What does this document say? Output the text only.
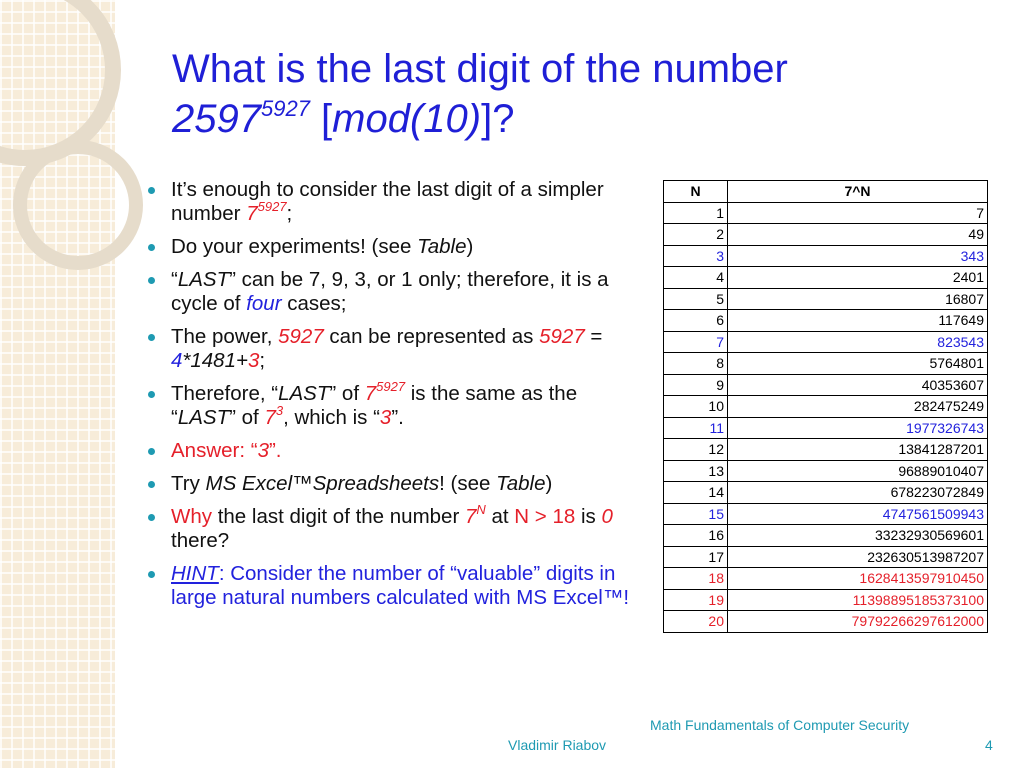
What is the last digit of the number
$2597^{5927}$ [mod(10)]?
It’s enough to consider the last digit of a simpler number $7^{5927}$;
Do your experiments! (see Table)
“LAST” can be 7, 9, 3, or 1 only; therefore, it is a cycle of four cases;
The power, 5927 can be represented as 5927 = 4*1481+3;
Therefore, “LAST” of $7^{5927}$ is the same as the “LAST” of $7^3$, which is “3”.
Answer: “3”.
Try MS Excel™Spreadsheets! (see Table)
Why the last digit of the number $7^N$ at N > 18 is 0 there?
HINT: Consider the number of “valuable” digits in large natural numbers calculated with MS Excel™!
N	7^N
1	7
2	49
3	343
4	2401
5	16807
6	117649
7	823543
8	5764801
9	40353607
10	282475249
11	1977326743
12	13841287201
13	96889010407
14	678223072849
15	4747561509943
16	33232930569601
17	232630513987207
18	1628413597910450
19	11398895185373100
20	79792266297612000
Vladimir Riabov
Math Fundamentals of Computer Security
4
